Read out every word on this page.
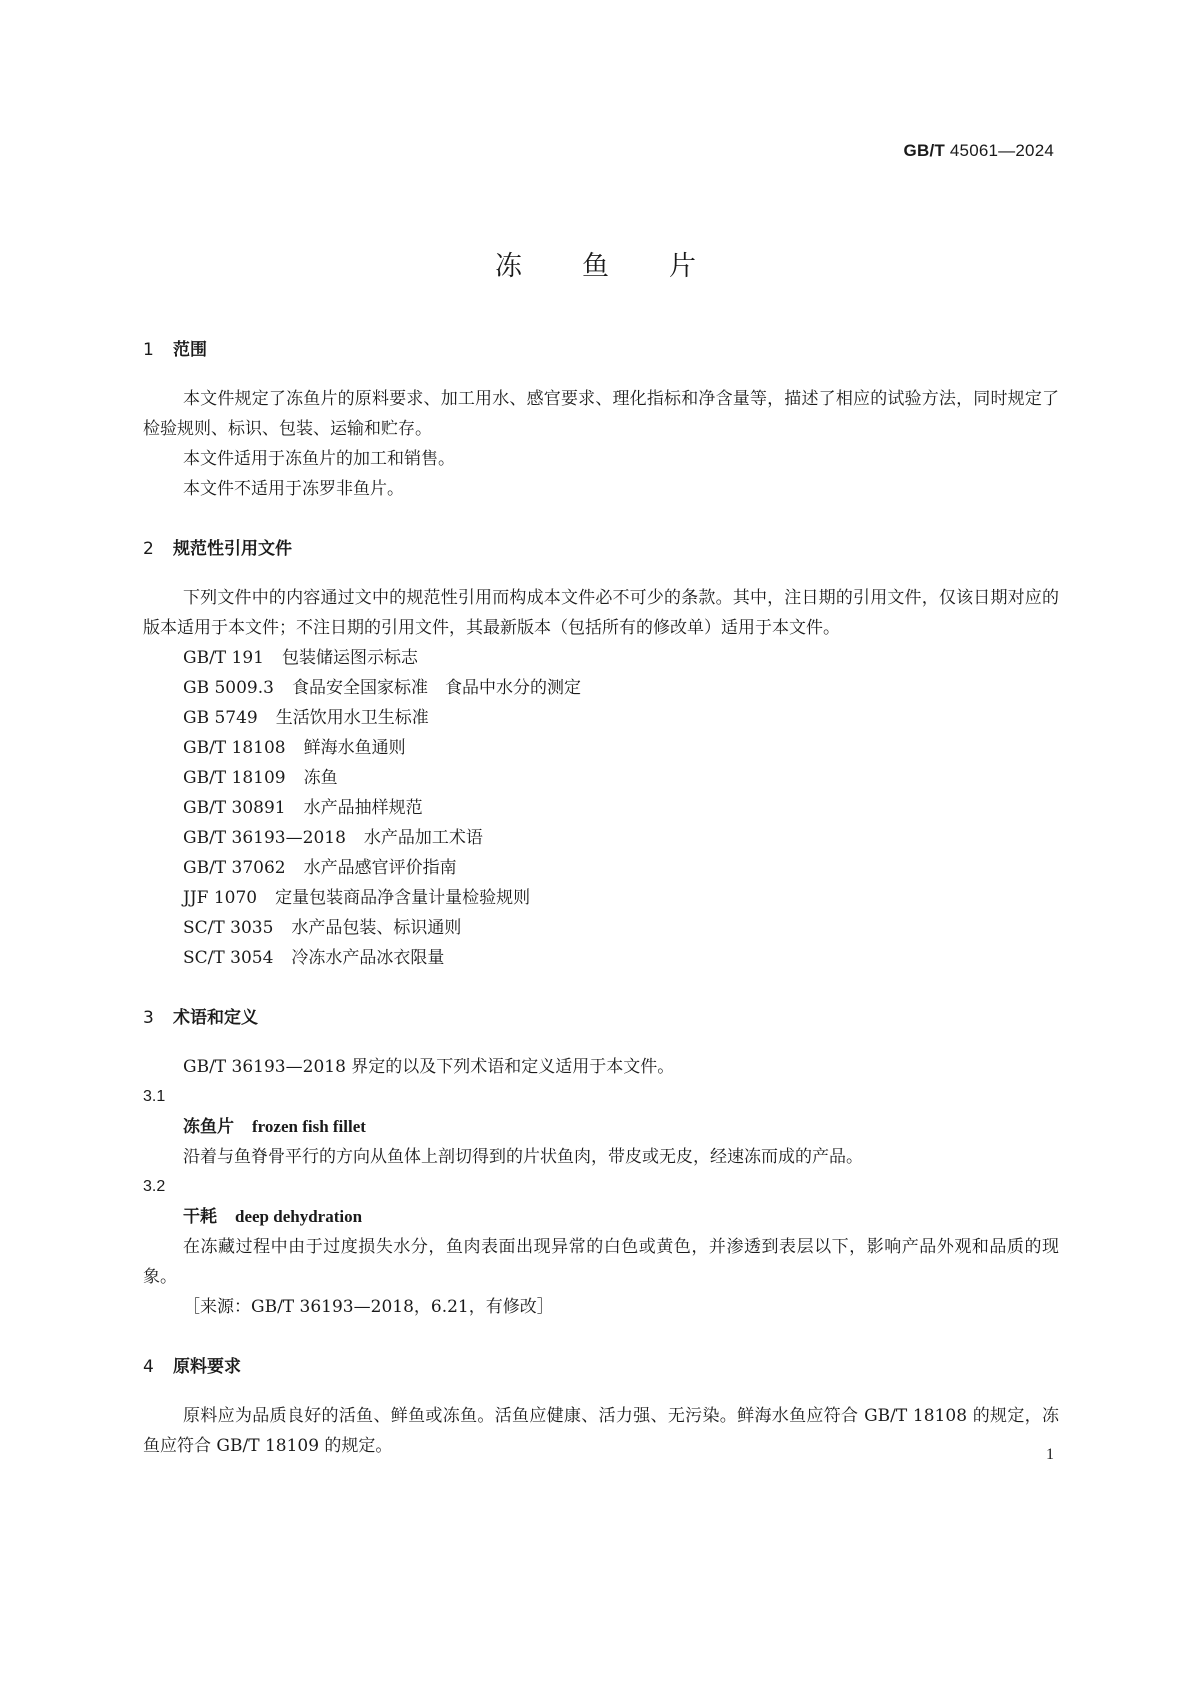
GB/T 45061—2024
冻鱼片
1 范围

本文件规定了冻鱼片的原料要求、加工用水、感官要求、理化指标和净含量等，描述了相应的试验方法，同时规定了检验规则、标识、包装、运输和贮存。

本文件适用于冻鱼片的加工和销售。

本文件不适用于冻罗非鱼片。

2 规范性引用文件

下列文件中的内容通过文中的规范性引用而构成本文件必不可少的条款。其中，注日期的引用文件，仅该日期对应的版本适用于本文件；不注日期的引用文件，其最新版本（包括所有的修改单）适用于本文件。

GB/T 191 包装储运图示标志
GB 5009.3 食品安全国家标准　食品中水分的测定
GB 5749 生活饮用水卫生标准
GB/T 18108 鲜海水鱼通则
GB/T 18109 冻鱼
GB/T 30891 水产品抽样规范
GB/T 36193—2018 水产品加工术语
GB/T 37062 水产品感官评价指南
JJF 1070 定量包装商品净含量计量检验规则
SC/T 3035 水产品包装、标识通则
SC/T 3054 冷冻水产品冰衣限量
3 术语和定义

GB/T 36193—2018 界定的以及下列术语和定义适用于本文件。

3.1

冻鱼片 frozen fish fillet

沿着与鱼脊骨平行的方向从鱼体上剖切得到的片状鱼肉，带皮或无皮，经速冻而成的产品。

3.2

干耗 deep dehydration

在冻藏过程中由于过度损失水分，鱼肉表面出现异常的白色或黄色，并渗透到表层以下，影响产品外观和品质的现象。

［来源：GB/T 36193—2018，6.21，有修改］

4 原料要求

原料应为品质良好的活鱼、鲜鱼或冻鱼。活鱼应健康、活力强、无污染。鲜海水鱼应符合 GB/T 18108 的规定，冻鱼应符合 GB/T 18109 的规定。	1
